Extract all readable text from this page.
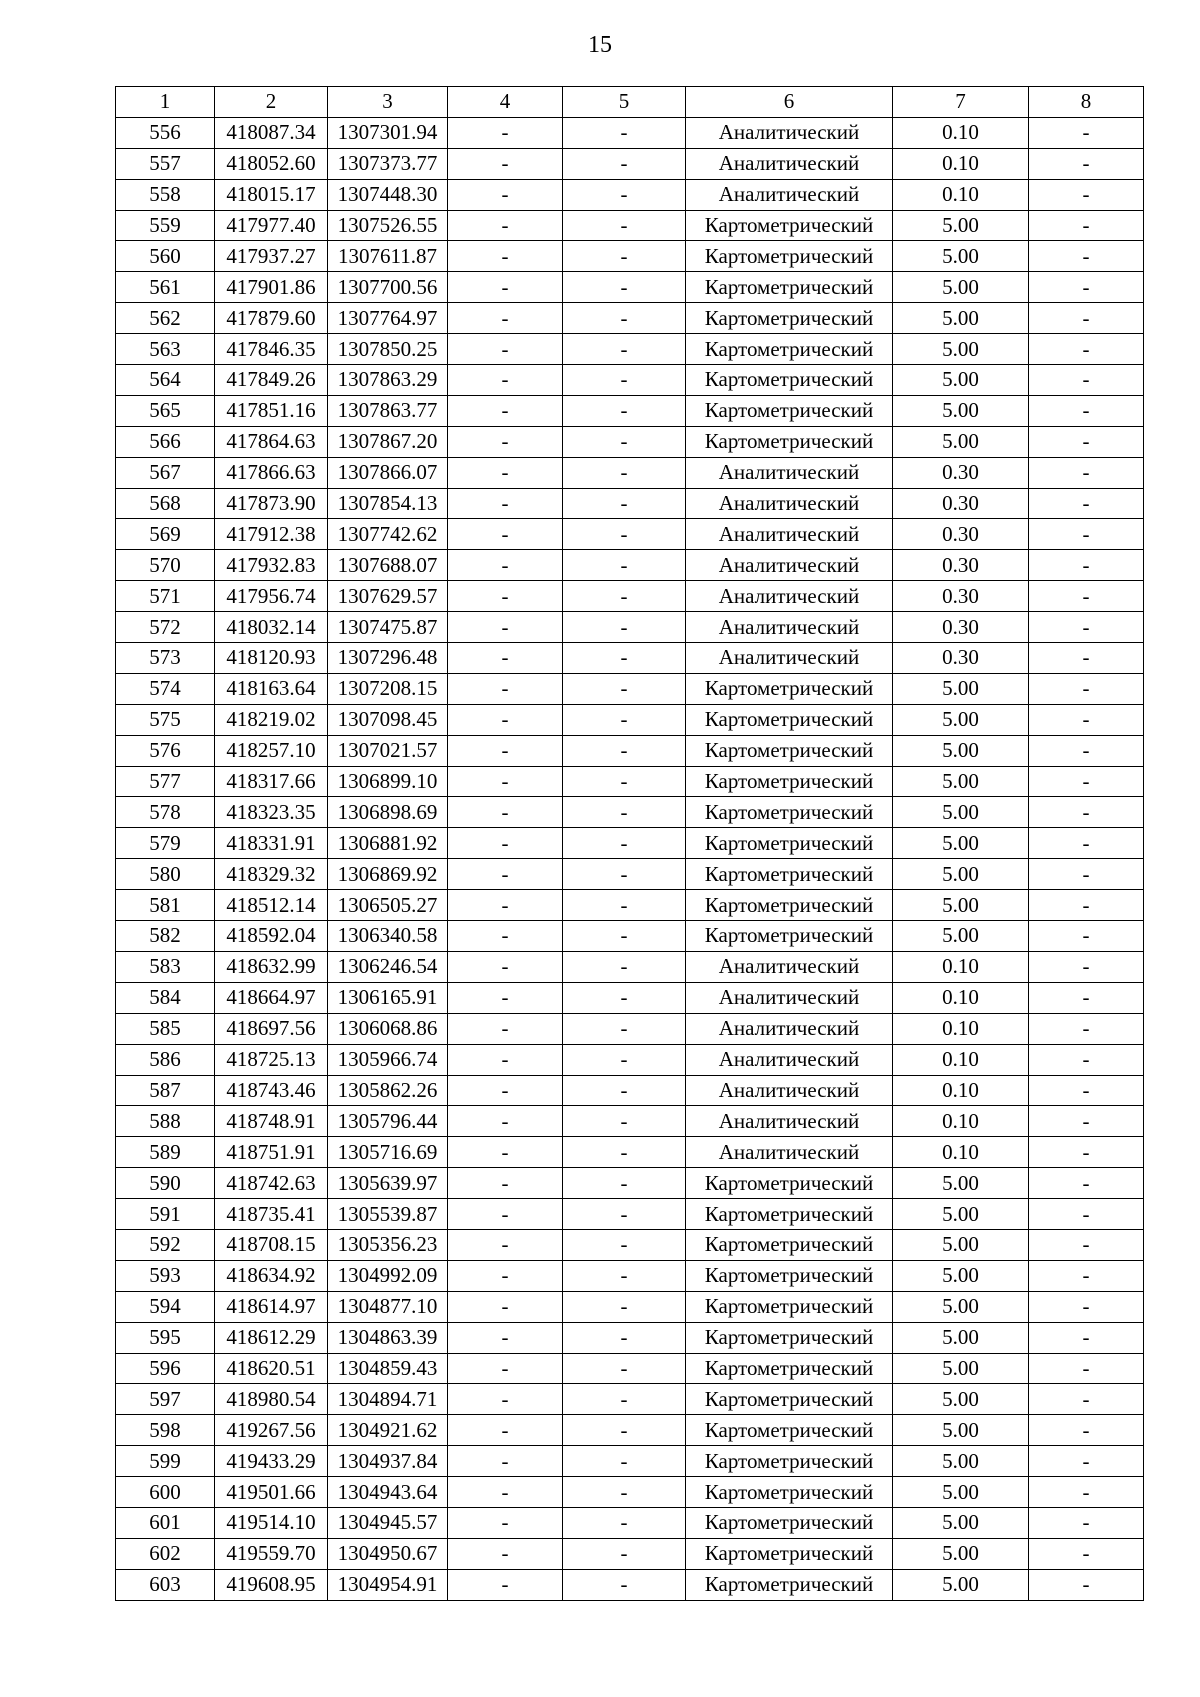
15
1	2	3	4	5	6	7	8
556	418087.34	1307301.94	-	-	Аналитический	0.10	-
557	418052.60	1307373.77	-	-	Аналитический	0.10	-
558	418015.17	1307448.30	-	-	Аналитический	0.10	-
559	417977.40	1307526.55	-	-	Картометрический	5.00	-
560	417937.27	1307611.87	-	-	Картометрический	5.00	-
561	417901.86	1307700.56	-	-	Картометрический	5.00	-
562	417879.60	1307764.97	-	-	Картометрический	5.00	-
563	417846.35	1307850.25	-	-	Картометрический	5.00	-
564	417849.26	1307863.29	-	-	Картометрический	5.00	-
565	417851.16	1307863.77	-	-	Картометрический	5.00	-
566	417864.63	1307867.20	-	-	Картометрический	5.00	-
567	417866.63	1307866.07	-	-	Аналитический	0.30	-
568	417873.90	1307854.13	-	-	Аналитический	0.30	-
569	417912.38	1307742.62	-	-	Аналитический	0.30	-
570	417932.83	1307688.07	-	-	Аналитический	0.30	-
571	417956.74	1307629.57	-	-	Аналитический	0.30	-
572	418032.14	1307475.87	-	-	Аналитический	0.30	-
573	418120.93	1307296.48	-	-	Аналитический	0.30	-
574	418163.64	1307208.15	-	-	Картометрический	5.00	-
575	418219.02	1307098.45	-	-	Картометрический	5.00	-
576	418257.10	1307021.57	-	-	Картометрический	5.00	-
577	418317.66	1306899.10	-	-	Картометрический	5.00	-
578	418323.35	1306898.69	-	-	Картометрический	5.00	-
579	418331.91	1306881.92	-	-	Картометрический	5.00	-
580	418329.32	1306869.92	-	-	Картометрический	5.00	-
581	418512.14	1306505.27	-	-	Картометрический	5.00	-
582	418592.04	1306340.58	-	-	Картометрический	5.00	-
583	418632.99	1306246.54	-	-	Аналитический	0.10	-
584	418664.97	1306165.91	-	-	Аналитический	0.10	-
585	418697.56	1306068.86	-	-	Аналитический	0.10	-
586	418725.13	1305966.74	-	-	Аналитический	0.10	-
587	418743.46	1305862.26	-	-	Аналитический	0.10	-
588	418748.91	1305796.44	-	-	Аналитический	0.10	-
589	418751.91	1305716.69	-	-	Аналитический	0.10	-
590	418742.63	1305639.97	-	-	Картометрический	5.00	-
591	418735.41	1305539.87	-	-	Картометрический	5.00	-
592	418708.15	1305356.23	-	-	Картометрический	5.00	-
593	418634.92	1304992.09	-	-	Картометрический	5.00	-
594	418614.97	1304877.10	-	-	Картометрический	5.00	-
595	418612.29	1304863.39	-	-	Картометрический	5.00	-
596	418620.51	1304859.43	-	-	Картометрический	5.00	-
597	418980.54	1304894.71	-	-	Картометрический	5.00	-
598	419267.56	1304921.62	-	-	Картометрический	5.00	-
599	419433.29	1304937.84	-	-	Картометрический	5.00	-
600	419501.66	1304943.64	-	-	Картометрический	5.00	-
601	419514.10	1304945.57	-	-	Картометрический	5.00	-
602	419559.70	1304950.67	-	-	Картометрический	5.00	-
603	419608.95	1304954.91	-	-	Картометрический	5.00	-
